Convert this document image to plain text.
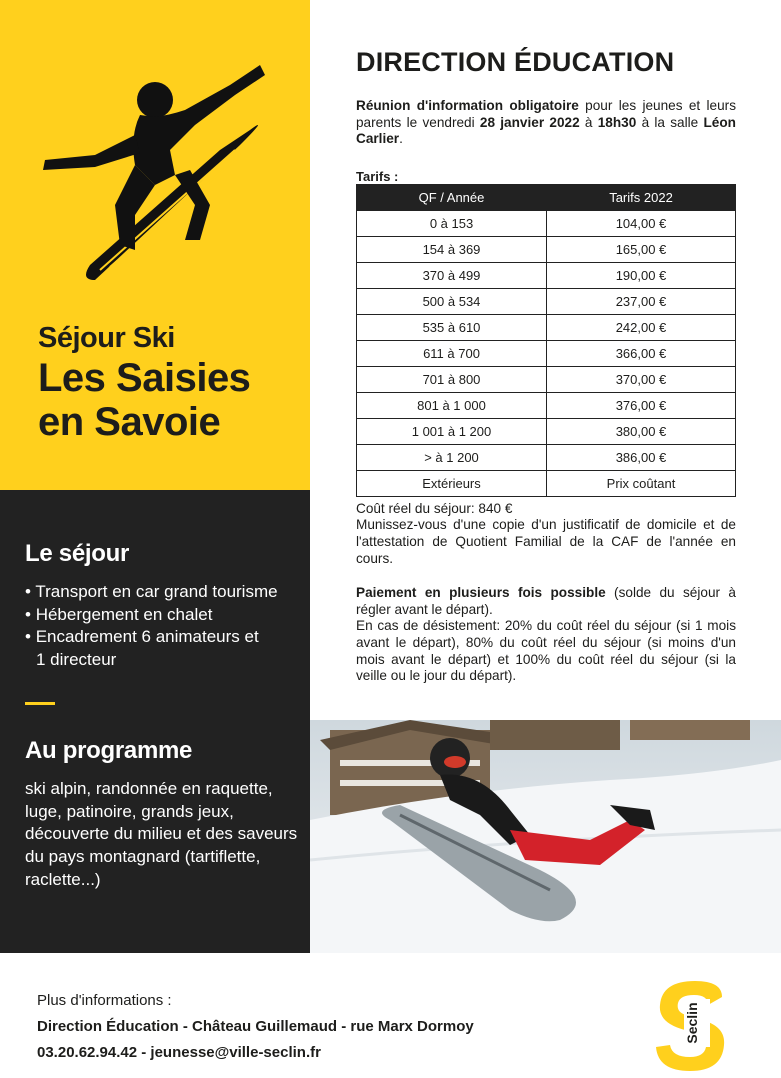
Séjour Ski
Les Saisies
en Savoie
Le séjour
• Transport en car grand tourisme
• Hébergement en chalet
• Encadrement 6 animateurs et 1 directeur
Au programme
ski alpin, randonnée en raquette, luge, patinoire, grands jeux, découverte du milieu et des saveurs du pays montagnard (tartiflette, raclette...)
DIRECTION ÉDUCATION

Réunion d'information obligatoire pour les jeunes et leurs parents le vendredi 28 janvier 2022 à 18h30 à la salle Léon Carlier.

Tarifs :
QF / Année	Tarifs 2022
0 à 153	104,00 €
154 à 369	165,00 €
370 à 499	190,00 €
500 à 534	237,00 €
535 à 610	242,00 €
611 à 700	366,00 €
701 à 800	370,00 €
801 à 1 000	376,00 €
1 001 à 1 200	380,00 €
> à 1 200	386,00 €
Extérieurs	Prix coûtant

Coût réel du séjour: 840 €

Munissez-vous d'une copie d'un justificatif de domicile et de l'attestation de Quotient Familial de la CAF de l'année en cours.

Paiement en plusieurs fois possible (solde du séjour à régler avant le départ).

En cas de désistement: 20% du coût réel du séjour (si 1 mois avant le départ), 80% du coût réel du séjour (si moins d'un mois avant le départ) et 100% du coût réel du séjour (si la veille ou le jour du départ).

Plus d'informations :
Direction Éducation - Château Guillemaud - rue Marx Dormoy
03.20.62.94.42 - jeunesse@ville-seclin.fr
Seclin
